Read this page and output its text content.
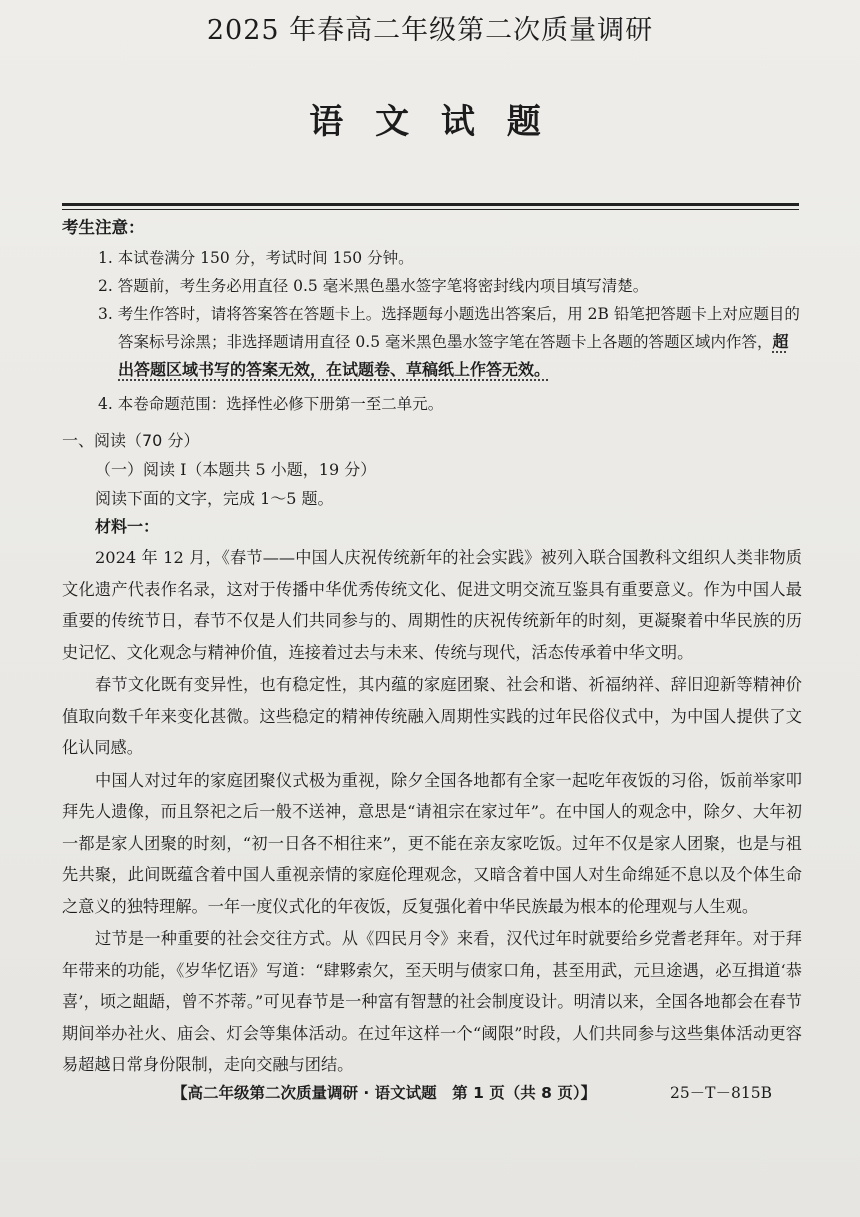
2025 年春高二年级第二次质量调研
语 文 试 题
考生注意：
1. 本试卷满分 150 分，考试时间 150 分钟。
2. 答题前，考生务必用直径 0.5 毫米黑色墨水签字笔将密封线内项目填写清楚。
3. 考生作答时，请将答案答在答题卡上。选择题每小题选出答案后，用 2B 铅笔把答题卡上对应题目的答案标号涂黑；非选择题请用直径 0.5 毫米黑色墨水签字笔在答题卡上各题的答题区域内作答，超出答题区域书写的答案无效，在试题卷、草稿纸上作答无效。
4. 本卷命题范围：选择性必修下册第一至二单元。
一、阅读（70 分）
（一）阅读 Ⅰ（本题共 5 小题，19 分）
阅读下面的文字，完成 1～5 题。
材料一：

2024 年 12 月，《春节——中国人庆祝传统新年的社会实践》被列入联合国教科文组织人类非物质文化遗产代表作名录，这对于传播中华优秀传统文化、促进文明交流互鉴具有重要意义。作为中国人最重要的传统节日，春节不仅是人们共同参与的、周期性的庆祝传统新年的时刻，更凝聚着中华民族的历史记忆、文化观念与精神价值，连接着过去与未来、传统与现代，活态传承着中华文明。

春节文化既有变异性，也有稳定性，其内蕴的家庭团聚、社会和谐、祈福纳祥、辞旧迎新等精神价值取向数千年来变化甚微。这些稳定的精神传统融入周期性实践的过年民俗仪式中，为中国人提供了文化认同感。

中国人对过年的家庭团聚仪式极为重视，除夕全国各地都有全家一起吃年夜饭的习俗，饭前举家叩拜先人遗像，而且祭祀之后一般不送神，意思是“请祖宗在家过年”。在中国人的观念中，除夕、大年初一都是家人团聚的时刻，“初一日各不相往来”，更不能在亲友家吃饭。过年不仅是家人团聚，也是与祖先共聚，此间既蕴含着中国人重视亲情的家庭伦理观念，又暗含着中国人对生命绵延不息以及个体生命之意义的独特理解。一年一度仪式化的年夜饭，反复强化着中华民族最为根本的伦理观与人生观。

过节是一种重要的社会交往方式。从《四民月令》来看，汉代过年时就要给乡党耆老拜年。对于拜年带来的功能，《岁华忆语》写道：“肆夥索欠，至天明与债家口角，甚至用武，元旦途遇，必互揖道‘恭喜’，顷之龃龉，曾不芥蒂。”可见春节是一种富有智慧的社会制度设计。明清以来，全国各地都会在春节期间举办社火、庙会、灯会等集体活动。在过年这样一个“阈限”时段，人们共同参与这些集体活动更容易超越日常身份限制，走向交融与团结。

【高二年级第二次质量调研 · 语文试题　第 1 页（共 8 页）】	25－T－815B
